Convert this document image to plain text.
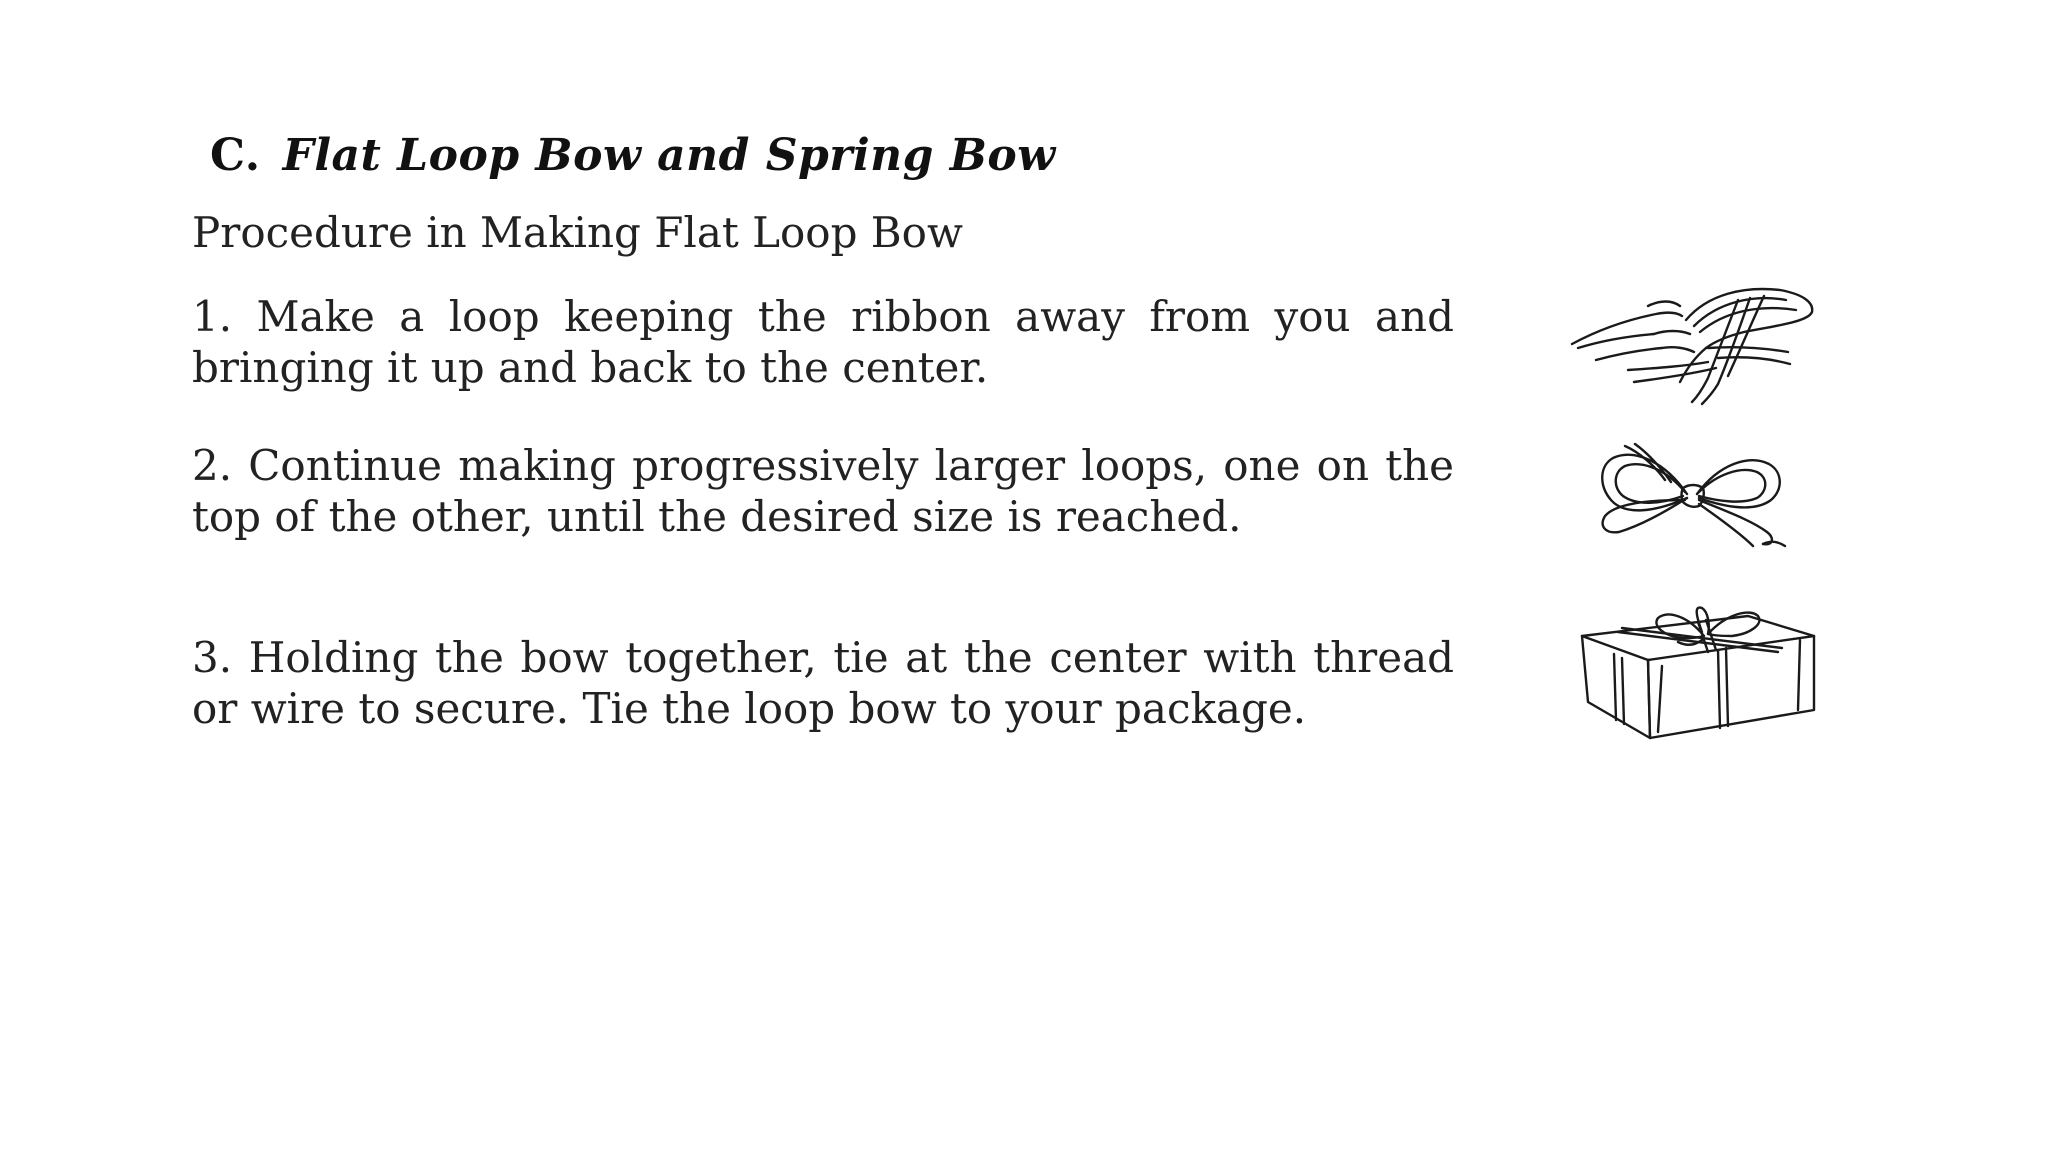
C. Flat Loop Bow and Spring Bow
Procedure in Making Flat Loop Bow
1. Make a loop keeping the ribbon away from you and bringing it up and back to the center.
2. Continue making progressively larger loops, one on the top of the other, until the desired size is reached.
3. Holding the bow together, tie at the center with thread or wire to secure. Tie the loop bow to your package.
